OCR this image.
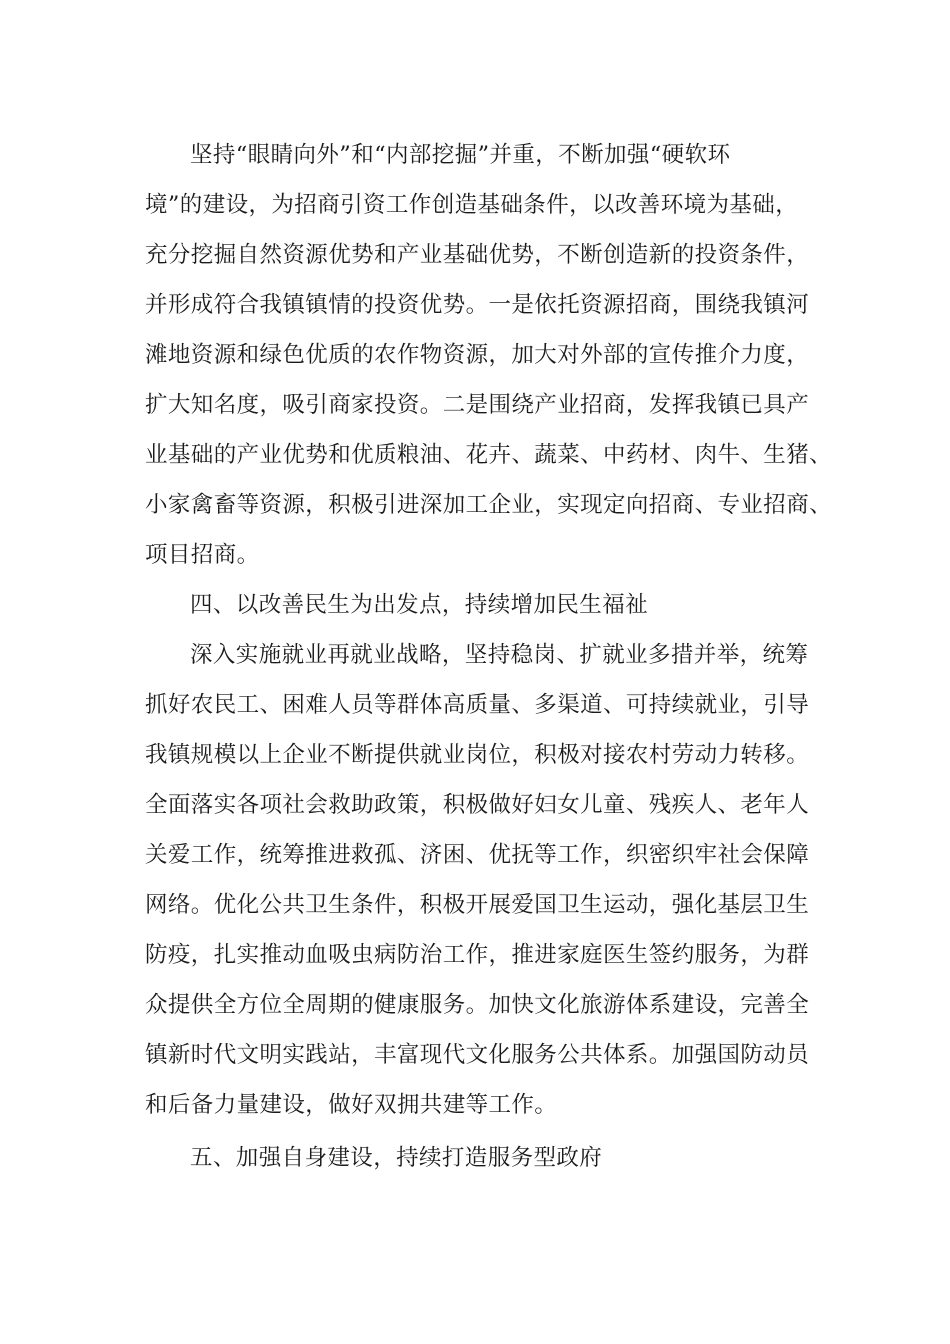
坚持“眼睛向外”和“内部挖掘”并重，不断加强“硬软环
境”的建设，为招商引资工作创造基础条件，以改善环境为基础，
充分挖掘自然资源优势和产业基础优势，不断创造新的投资条件，
并形成符合我镇镇情的投资优势。一是依托资源招商，围绕我镇河
滩地资源和绿色优质的农作物资源，加大对外部的宣传推介力度，
扩大知名度，吸引商家投资。二是围绕产业招商，发挥我镇已具产
业基础的产业优势和优质粮油、花卉、蔬菜、中药材、肉牛、生猪、
小家禽畜等资源，积极引进深加工企业，实现定向招商、专业招商、
项目招商。
四、以改善民生为出发点，持续增加民生福祉
深入实施就业再就业战略，坚持稳岗、扩就业多措并举，统筹
抓好农民工、困难人员等群体高质量、多渠道、可持续就业，引导
我镇规模以上企业不断提供就业岗位，积极对接农村劳动力转移。
全面落实各项社会救助政策，积极做好妇女儿童、残疾人、老年人
关爱工作，统筹推进救孤、济困、优抚等工作，织密织牢社会保障
网络。优化公共卫生条件，积极开展爱国卫生运动，强化基层卫生
防疫，扎实推动血吸虫病防治工作，推进家庭医生签约服务，为群
众提供全方位全周期的健康服务。加快文化旅游体系建设，完善全
镇新时代文明实践站，丰富现代文化服务公共体系。加强国防动员
和后备力量建设，做好双拥共建等工作。
五、加强自身建设，持续打造服务型政府
